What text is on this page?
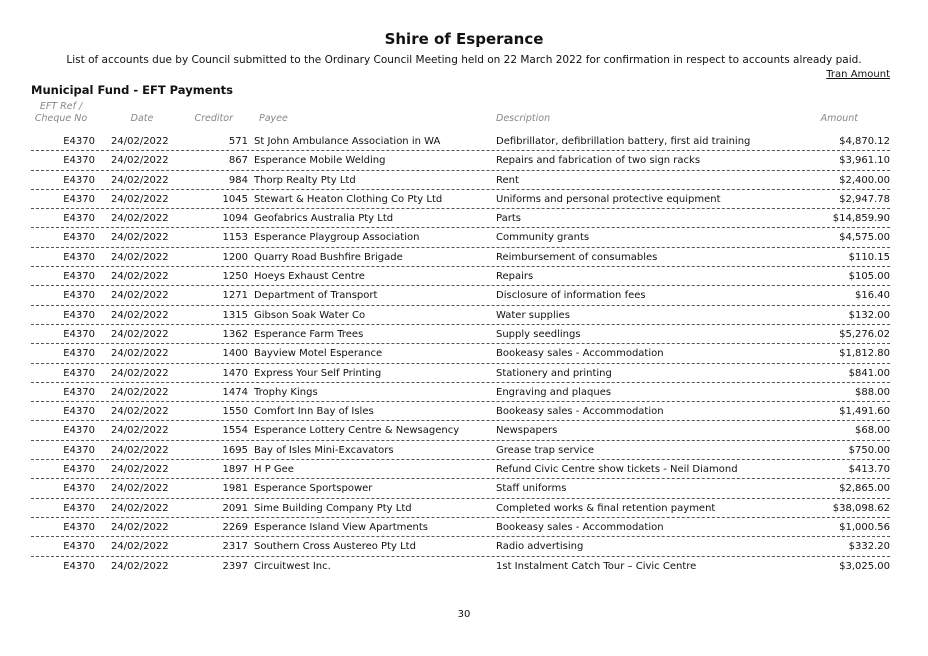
Shire of Esperance
List of accounts due by Council submitted to the Ordinary Council Meeting held on 22 March 2022 for confirmation in respect to accounts already paid.
Tran Amount
Municipal Fund - EFT Payments
EFT Ref /
Cheque No	Date	Creditor	Payee	Description	Amount
E4370 24/02/2022	571 St John Ambulance Association in WA	Defibrillator, defibrillation battery, first aid training	$4,870.12
E4370 24/02/2022	867 Esperance Mobile Welding	Repairs and fabrication of two sign racks	$3,961.10
E4370 24/02/2022	984 Thorp Realty Pty Ltd	Rent	$2,400.00
E4370 24/02/2022	1045 Stewart & Heaton Clothing Co Pty Ltd	Uniforms and personal protective equipment	$2,947.78
E4370 24/02/2022	1094 Geofabrics Australia Pty Ltd	Parts	$14,859.90
E4370 24/02/2022	1153 Esperance Playgroup Association	Community grants	$4,575.00
E4370 24/02/2022	1200 Quarry Road Bushfire Brigade	Reimbursement of consumables	$110.15
E4370 24/02/2022	1250 Hoeys Exhaust Centre	Repairs	$105.00
E4370 24/02/2022	1271 Department of Transport	Disclosure of information fees	$16.40
E4370 24/02/2022	1315 Gibson Soak Water Co	Water supplies	$132.00
E4370 24/02/2022	1362 Esperance Farm Trees	Supply seedlings	$5,276.02
E4370 24/02/2022	1400 Bayview Motel Esperance	Bookeasy sales - Accommodation	$1,812.80
E4370 24/02/2022	1470 Express Your Self Printing	Stationery and printing	$841.00
E4370 24/02/2022	1474 Trophy Kings	Engraving and plaques	$88.00
E4370 24/02/2022	1550 Comfort Inn Bay of Isles	Bookeasy sales - Accommodation	$1,491.60
E4370 24/02/2022	1554 Esperance Lottery Centre & Newsagency	Newspapers	$68.00
E4370 24/02/2022	1695 Bay of Isles Mini-Excavators	Grease trap service	$750.00
E4370 24/02/2022	1897 H P Gee	Refund Civic Centre show tickets - Neil Diamond	$413.70
E4370 24/02/2022	1981 Esperance Sportspower	Staff uniforms	$2,865.00
E4370 24/02/2022	2091 Sime Building Company Pty Ltd	Completed works & final retention payment	$38,098.62
E4370 24/02/2022	2269 Esperance Island View Apartments	Bookeasy sales - Accommodation	$1,000.56
E4370 24/02/2022	2317 Southern Cross Austereo Pty Ltd	Radio advertising	$332.20
E4370 24/02/2022	2397 Circuitwest Inc.	1st Instalment Catch Tour – Civic Centre	$3,025.00
30
